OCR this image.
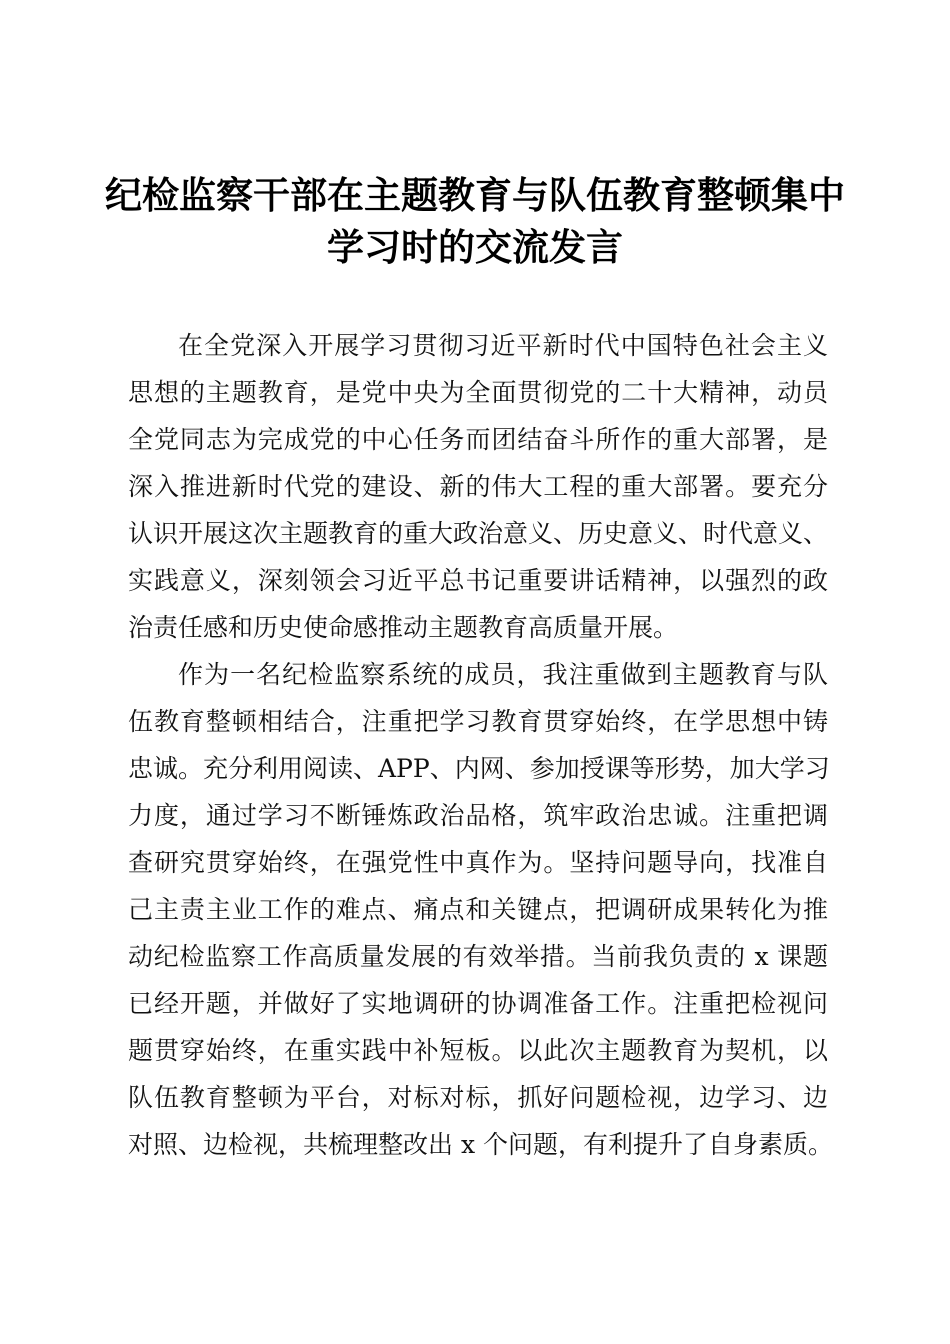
纪检监察干部在主题教育与队伍教育整顿集中
学习时的交流发言
在全党深入开展学习贯彻习近平新时代中国特色社会主义
思想的主题教育，是党中央为全面贯彻党的二十大精神，动员
全党同志为完成党的中心任务而团结奋斗所作的重大部署，是
深入推进新时代党的建设、新的伟大工程的重大部署。要充分
认识开展这次主题教育的重大政治意义、历史意义、时代意义、
实践意义，深刻领会习近平总书记重要讲话精神，以强烈的政
治责任感和历史使命感推动主题教育高质量开展。
作为一名纪检监察系统的成员，我注重做到主题教育与队
伍教育整顿相结合，注重把学习教育贯穿始终，在学思想中铸
忠诚。充分利用阅读、APP、内网、参加授课等形势，加大学习
力度，通过学习不断锤炼政治品格，筑牢政治忠诚。注重把调
查研究贯穿始终，在强党性中真作为。坚持问题导向，找准自
己主责主业工作的难点、痛点和关键点，把调研成果转化为推
动纪检监察工作高质量发展的有效举措。当前我负责的 x 课题
已经开题，并做好了实地调研的协调准备工作。注重把检视问
题贯穿始终，在重实践中补短板。以此次主题教育为契机，以
队伍教育整顿为平台，对标对标，抓好问题检视，边学习、边
对照、边检视，共梳理整改出 x 个问题，有利提升了自身素质。
